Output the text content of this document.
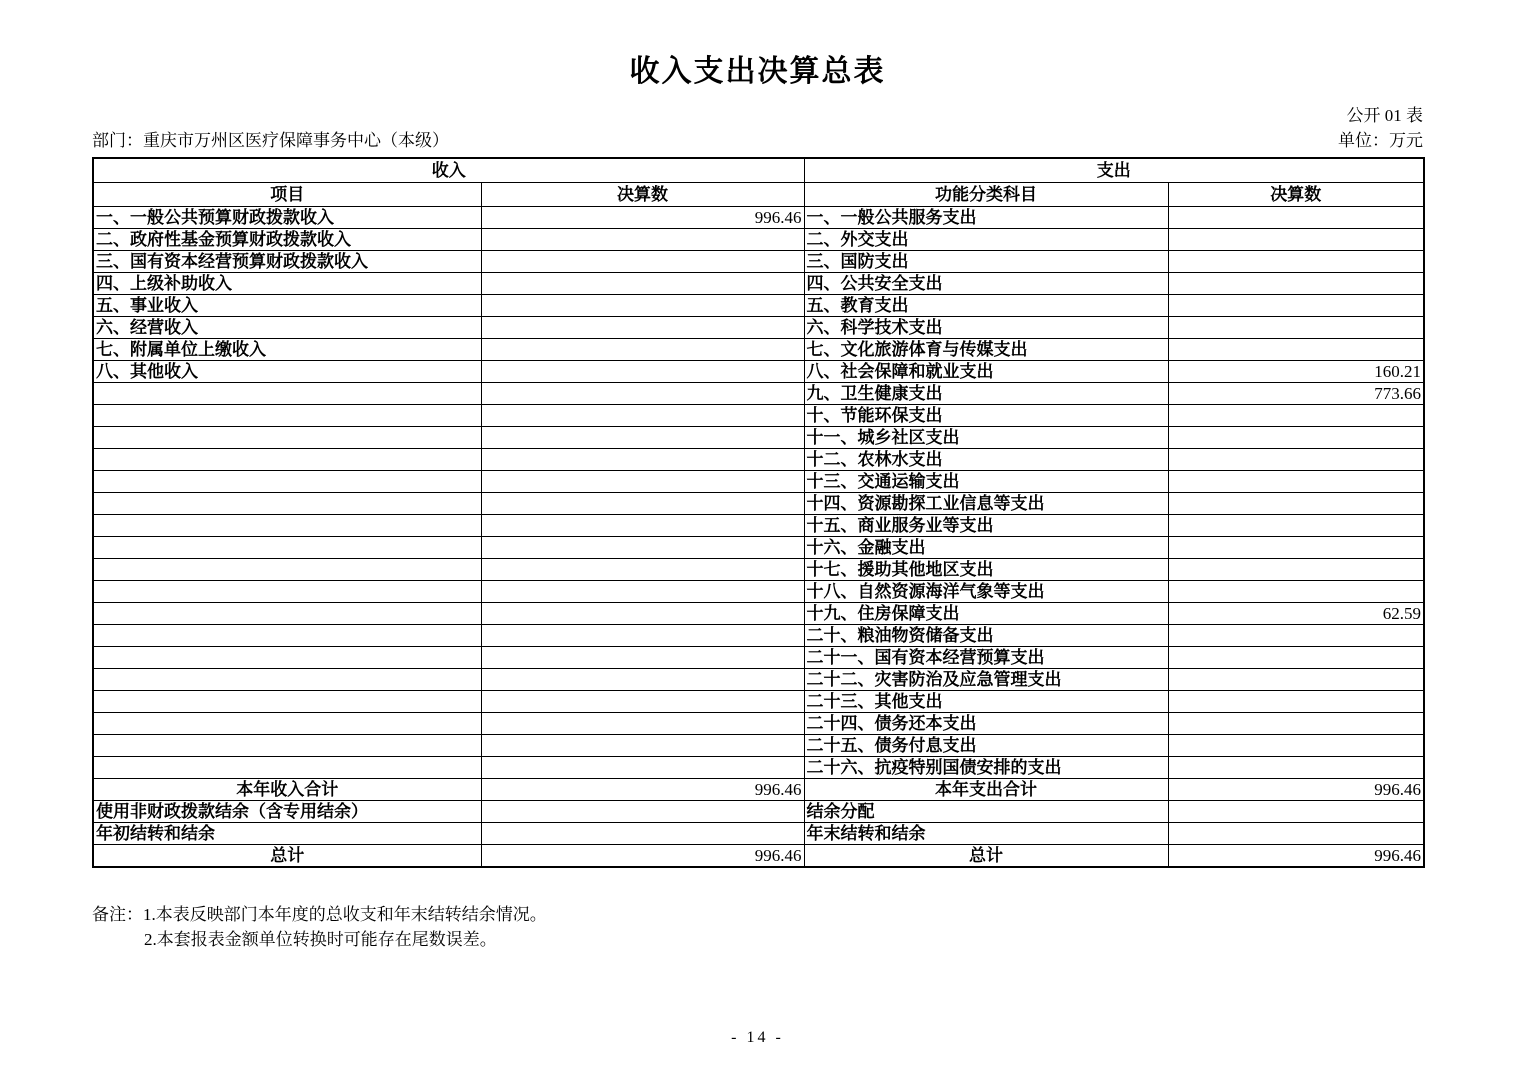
收入支出决算总表
公开 01 表
部门：重庆市万州区医疗保障事务中心（本级）	单位：万元
收入		支出	
项目	决算数	功能分类科目	决算数
一、一般公共预算财政拨款收入	996.46	一、一般公共服务支出	
二、政府性基金预算财政拨款收入		二、外交支出	
三、国有资本经营预算财政拨款收入		三、国防支出	
四、上级补助收入		四、公共安全支出	
五、事业收入		五、教育支出	
六、经营收入		六、科学技术支出	
七、附属单位上缴收入		七、文化旅游体育与传媒支出	
八、其他收入		八、社会保障和就业支出	160.21
		九、卫生健康支出	773.66
		十、节能环保支出	
		十一、城乡社区支出	
		十二、农林水支出	
		十三、交通运输支出	
		十四、资源勘探工业信息等支出	
		十五、商业服务业等支出	
		十六、金融支出	
		十七、援助其他地区支出	
		十八、自然资源海洋气象等支出	
		十九、住房保障支出	62.59
		二十、粮油物资储备支出	
		二十一、国有资本经营预算支出	
		二十二、灾害防治及应急管理支出	
		二十三、其他支出	
		二十四、债务还本支出	
		二十五、债务付息支出	
		二十六、抗疫特别国债安排的支出	
本年收入合计	996.46	本年支出合计	996.46
使用非财政拨款结余（含专用结余）		结余分配	
年初结转和结余		年末结转和结余	
总计	996.46	总计	996.46
备注：1.本表反映部门本年度的总收支和年末结转结余情况。
2.本套报表金额单位转换时可能存在尾数误差。
- 14 -
